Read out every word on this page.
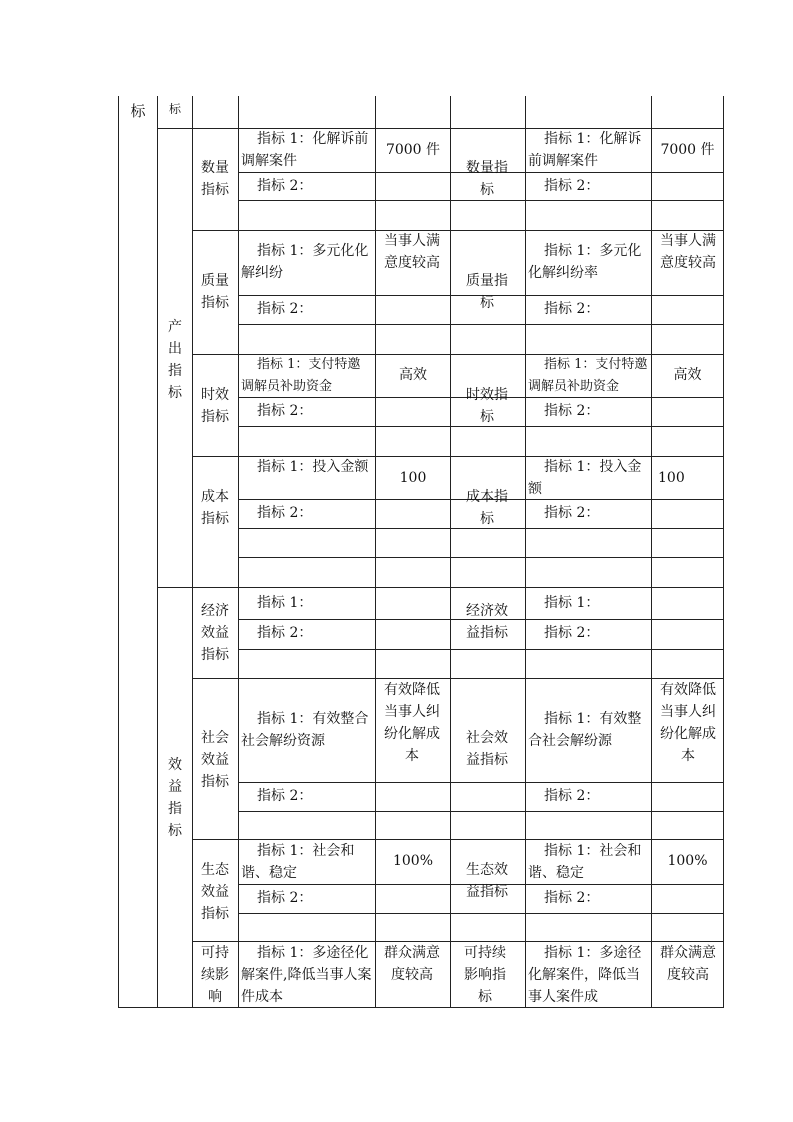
标	标
产出指标
效益指标
数量指标
指标 1：化解诉前调解案件
7000 件
指标 2：
数量指标
指标 1：化解诉前调解案件
7000 件
指标 2：
质量指标
指标 1：多元化化解纠纷
当事人满意度较高
指标 2：
质量指标
指标 1：多元化化解纠纷率
当事人满意度较高
指标 2：
时效指标
指标 1：支付特邀调解员补助资金
高效
指标 2：
时效指标
指标 1：支付特邀调解员补助资金
高效
指标 2：
成本指标
指标 1：投入金额
100
指标 2：
成本指标
指标 1：投入金额
100
指标 2：
经济效益指标
指标 1：
指标 2：
经济效益指标
指标 1：
指标 2：
社会效益指标
指标 1：有效整合社会解纷资源
有效降低当事人纠纷化解成本
指标 2：
社会效益指标
指标 1：有效整合社会解纷源
有效降低当事人纠纷化解成本
指标 2：
生态效益指标
指标 1：社会和谐、稳定
100%
指标 2：
生态效益指标
指标 1：社会和谐、稳定
100%
指标 2：
可持续影响
指标 1：多途径化解案件,降低当事人案件成本
群众满意度较高
可持续影响指标
指标 1：多途径化解案件，降低当事人案件成
群众满意度较高
